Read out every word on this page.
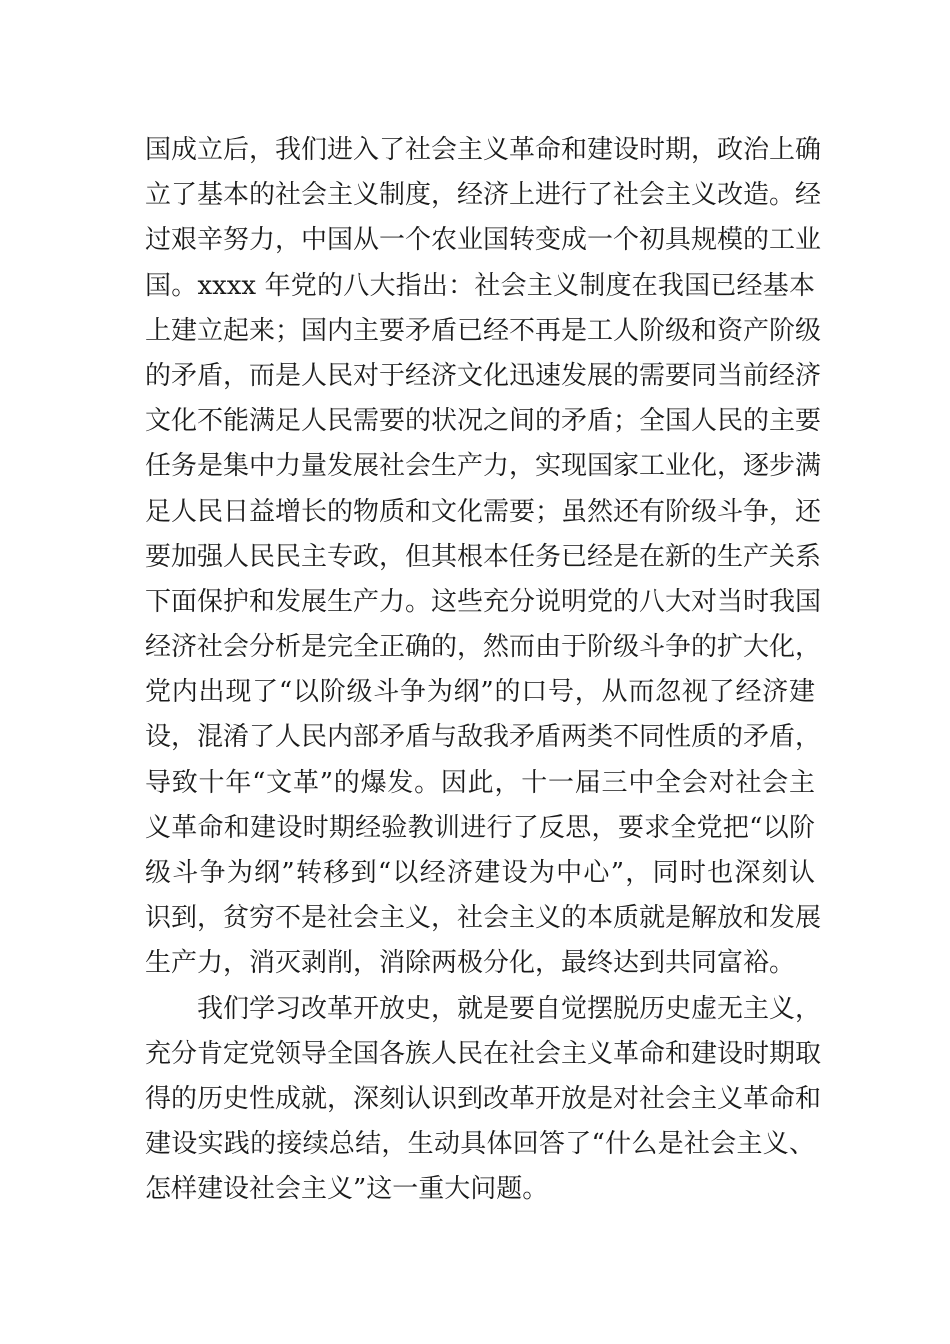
国成立后，我们进入了社会主义革命和建设时期，政治上确
立了基本的社会主义制度，经济上进行了社会主义改造。经
过艰辛努力，中国从一个农业国转变成一个初具规模的工业
国。xxxx 年党的八大指出：社会主义制度在我国已经基本
上建立起来；国内主要矛盾已经不再是工人阶级和资产阶级
的矛盾，而是人民对于经济文化迅速发展的需要同当前经济
文化不能满足人民需要的状况之间的矛盾；全国人民的主要
任务是集中力量发展社会生产力，实现国家工业化，逐步满
足人民日益增长的物质和文化需要；虽然还有阶级斗争，还
要加强人民民主专政，但其根本任务已经是在新的生产关系
下面保护和发展生产力。这些充分说明党的八大对当时我国
经济社会分析是完全正确的，然而由于阶级斗争的扩大化，
党内出现了“以阶级斗争为纲”的口号，从而忽视了经济建
设，混淆了人民内部矛盾与敌我矛盾两类不同性质的矛盾，
导致十年“文革”的爆发。因此，十一届三中全会对社会主
义革命和建设时期经验教训进行了反思，要求全党把“以阶
级斗争为纲”转移到“以经济建设为中心”，同时也深刻认
识到，贫穷不是社会主义，社会主义的本质就是解放和发展
生产力，消灭剥削，消除两极分化，最终达到共同富裕。
我们学习改革开放史，就是要自觉摆脱历史虚无主义，
充分肯定党领导全国各族人民在社会主义革命和建设时期取
得的历史性成就，深刻认识到改革开放是对社会主义革命和
建设实践的接续总结，生动具体回答了“什么是社会主义、
怎样建设社会主义”这一重大问题。
